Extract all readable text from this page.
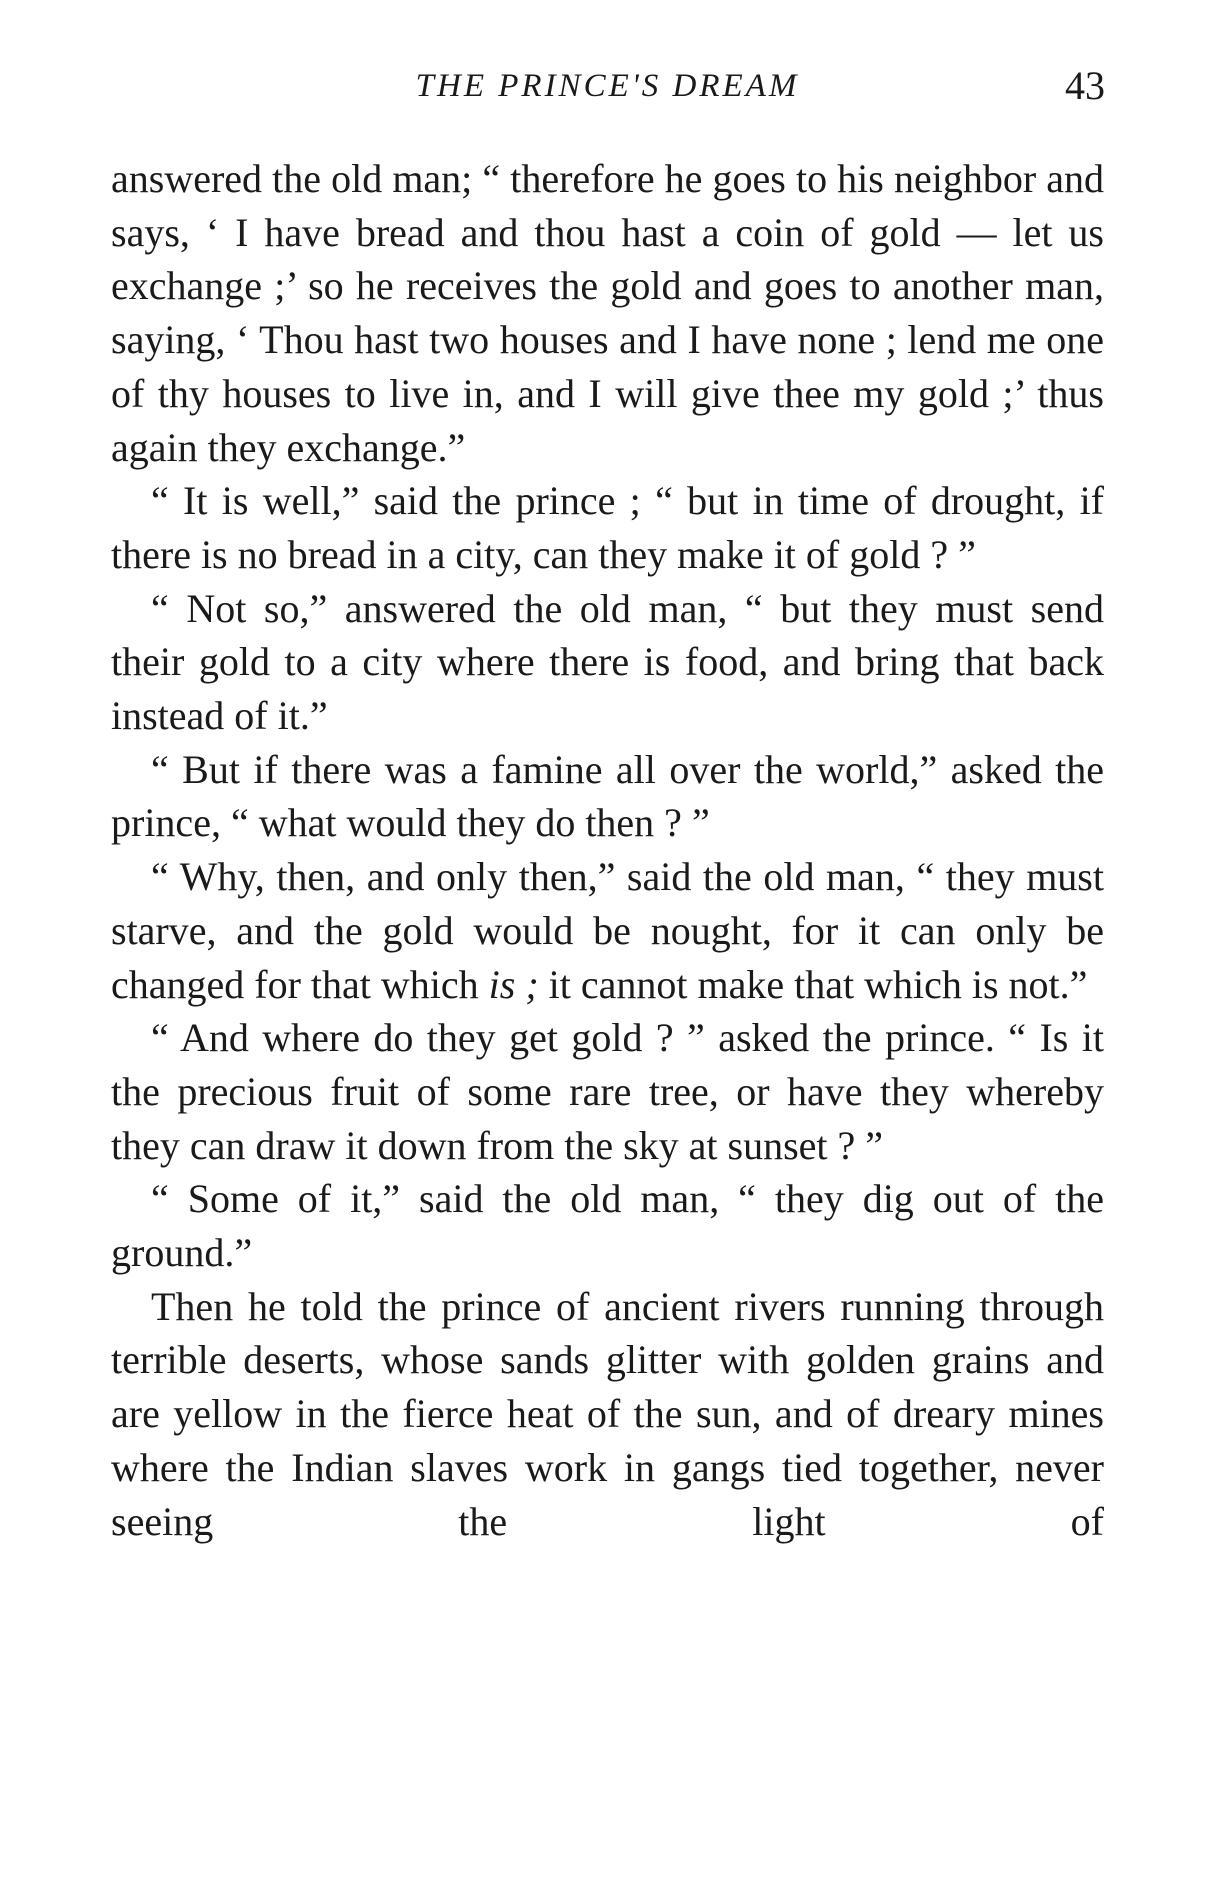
THE PRINCE'S DREAM	43

answered the old man; “ therefore he goes to his neighbor and says, ‘ I have bread and thou hast a coin of gold — let us exchange ;’ so he receives the gold and goes to another man, saying, ‘ Thou hast two houses and I have none ; lend me one of thy houses to live in, and I will give thee my gold ;’ thus again they exchange.”

“ It is well,” said the prince ; “ but in time of drought, if there is no bread in a city, can they make it of gold ? ”

“ Not so,” answered the old man, “ but they must send their gold to a city where there is food, and bring that back instead of it.”

“ But if there was a famine all over the world,” asked the prince, “ what would they do then ? ”

“ Why, then, and only then,” said the old man, “ they must starve, and the gold would be nought, for it can only be changed for that which is ; it cannot make that which is not.”

“ And where do they get gold ? ” asked the prince. “ Is it the precious fruit of some rare tree, or have they whereby they can draw it down from the sky at sunset ? ”

“ Some of it,” said the old man, “ they dig out of the ground.”

Then he told the prince of ancient rivers running through terrible deserts, whose sands glitter with golden grains and are yellow in the fierce heat of the sun, and of dreary mines where the Indian slaves work in gangs tied together, never seeing the light of
